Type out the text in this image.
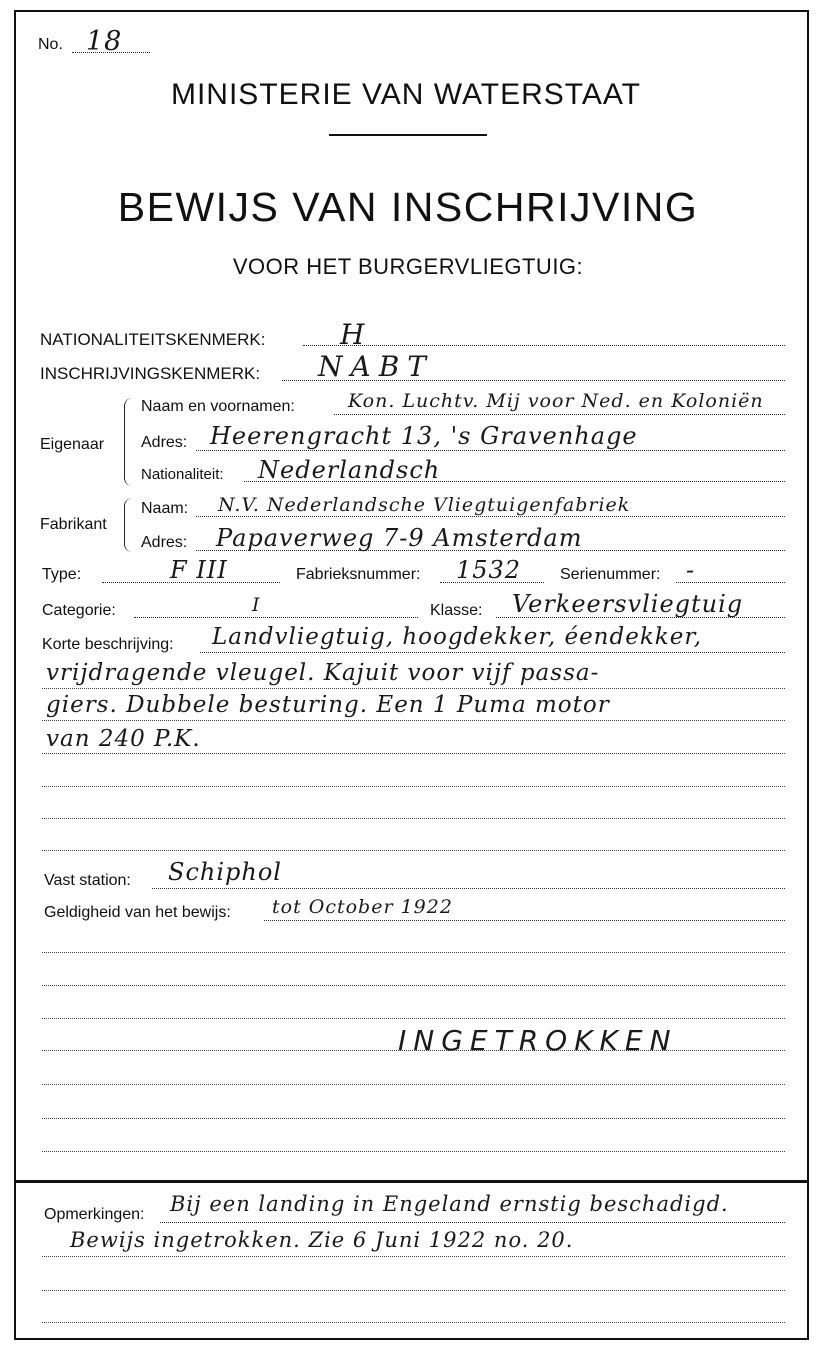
No. 18
MINISTERIE VAN WATERSTAAT
BEWIJS VAN INSCHRIJVING
VOOR HET BURGERVLIEGTUIG:
NATIONALITEITSKENMERK:	H
INSCHRIJVINGSKENMERK: NABT
Eigenaar
Naam en voornamen:	Kon. Luchtv. Mij voor Ned. en Koloniën
Adres: Heerengracht 13, 's Gravenhage
Nationaliteit: Nederlandsch
Fabrikant
Naam: N.V. Nederlandsche Vliegtuigenfabriek
Adres: Papaverweg 7-9 Amsterdam
Type:	F III	Fabrieksnummer: 1532 Serienummer: -
Categorie:	I	Klasse: Verkeersvliegtuig
Korte beschrijving: Landvliegtuig, hoogdekker, éendekker,
vrijdragende vleugel. Kajuit voor vijf passa-
giers. Dubbele besturing. Een 1 Puma motor
van 240 P.K.
Vast station: Schiphol
Geldigheid van het bewijs: tot October 1922
INGETROKKEN
Opmerkingen: Bij een landing in Engeland ernstig beschadigd.
Bewijs ingetrokken. Zie 6 Juni 1922 no. 20.
